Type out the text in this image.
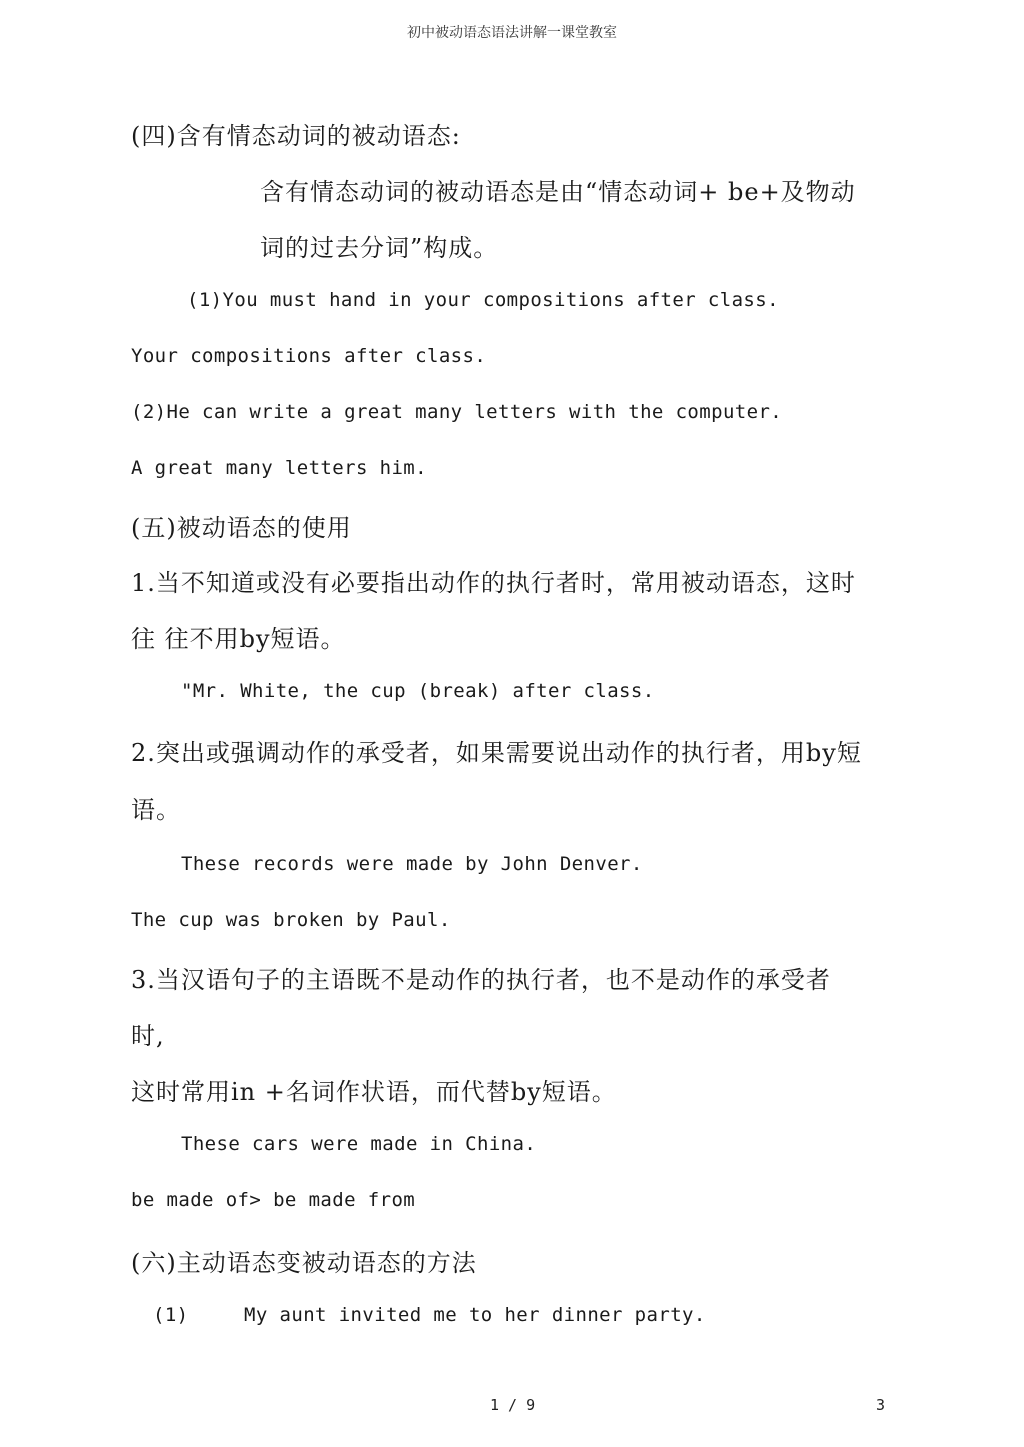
初中被动语态语法讲解一课堂教室
(四)含有情态动词的被动语态:
含有情态动词的被动语态是由“情态动词+ be+及物动
词的过去分词”构成。
(1)You must hand in your compositions after class.
Your compositions after class.
(2)He can write a great many letters with the computer.
A great many letters him.
(五)被动语态的使用
1.当不知道或没有必要指出动作的执行者时，常用被动语态，这时
往 往不用by短语。
"Mr. White, the cup (break) after class.
2.突出或强调动作的承受者，如果需要说出动作的执行者，用by短
语。
These records were made by John Denver.
The cup was broken by Paul.
3.当汉语句子的主语既不是动作的执行者，也不是动作的承受者
时,
这时常用in +名词作状语，而代替by短语。
These cars were made in China.
be made of> be made from
(六)主动语态变被动语态的方法
(1)	My aunt invited me to her dinner party.
1 / 9	3
